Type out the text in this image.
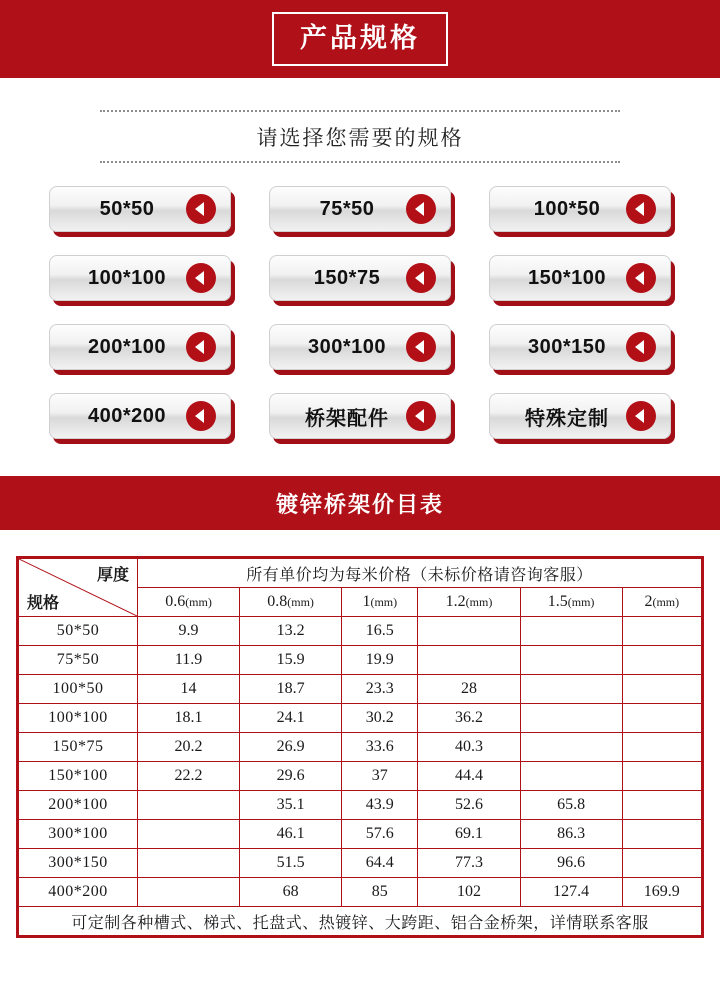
产品规格
请选择您需要的规格
50*50	75*50	100*50
100*100	150*75	150*100
200*100	300*100	300*150
400*200	桥架配件	特殊定制
镀锌桥架价目表
厚度
规格	所有单价均为每米价格（未标价格请咨询客服）					
	0.6(mm)	0.8(mm)	1(mm)	1.2(mm)	1.5(mm)	2(mm)
50*50	9.9	13.2	16.5			
75*50	11.9	15.9	19.9			
100*50	14	18.7	23.3	28		
100*100	18.1	24.1	30.2	36.2		
150*75	20.2	26.9	33.6	40.3		
150*100	22.2	29.6	37	44.4		
200*100		35.1	43.9	52.6	65.8	
300*100		46.1	57.6	69.1	86.3	
300*150		51.5	64.4	77.3	96.6	
400*200		68	85	102	127.4	169.9
可定制各种槽式、梯式、托盘式、热镀锌、大跨距、铝合金桥架，详情联系客服						
